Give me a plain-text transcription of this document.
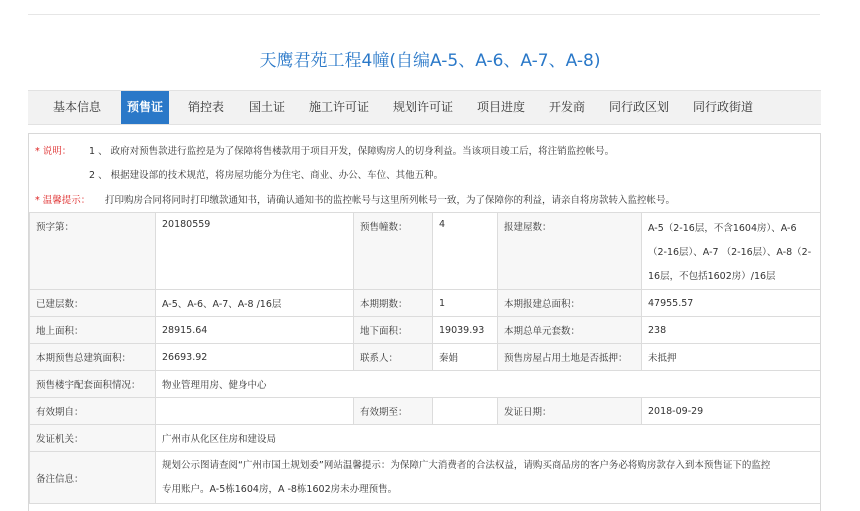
天鹰君苑工程4幢(自编A-5、A-6、A-7、A-8)
基本信息	预售证	销控表	国土证	施工许可证	规划许可证	项目进度	开发商	同行政区划	同行政街道
* 说明： 1 、 政府对预售款进行监控是为了保障将售楼款用于项目开发，保障购房人的切身利益。当该项目竣工后，将注销监控帐号。
2 、 根据建设部的技术规范，将房屋功能分为住宅、商业、办公、车位、其他五种。
* 温馨提示： 打印购房合同将同时打印缴款通知书，请确认通知书的监控帐号与这里所列帐号一致，为了保障你的利益，请亲自将房款转入监控帐号。
预字第：	20180559	预售幢数：	4	报建屋数：	A-5（2-16层，不含1604房）、A-6（2-16层）、A-7 （2-16层）、A-8（2-16层，不包括1602房）/16层
已建层数：	A-5、A-6、A-7、A-8 /16层	本期期数：	1	本期报建总面积：	47955.57
地上面积：	28915.64	地下面积：	19039.93	本期总单元套数：	238
本期预售总建筑面积：	26693.92	联系人：	秦娟	预售房屋占用土地是否抵押：	未抵押
预售楼宇配套面积情况：	物业管理用房、健身中心				
有效期自：		有效期至：		发证日期：	2018-09-29
发证机关：	广州市从化区住房和建设局				
备注信息：	规划公示图请查阅“广州市国土规划委”网站温馨提示：为保障广大消费者的合法权益，请购买商品房的客户务必将购房款存入到本预售证下的监控
专用账户。A-5栋1604房，A -8栋1602房未办理预售。				
